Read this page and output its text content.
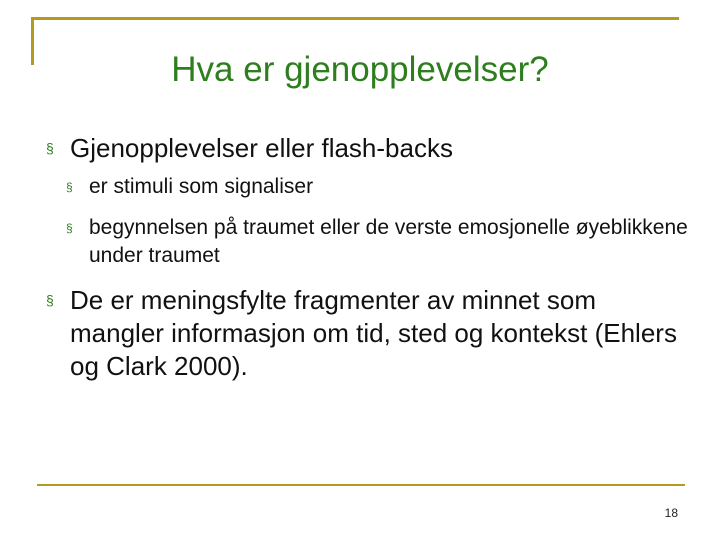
Hva er gjenopplevelser?
§ Gjenopplevelser eller flash-backs
§ er stimuli som signaliser
§ begynnelsen på traumet eller de verste emosjonelle øyeblikkene under traumet
§ De er meningsfylte fragmenter av minnet som mangler informasjon om tid, sted og kontekst (Ehlers og Clark 2000).
18
